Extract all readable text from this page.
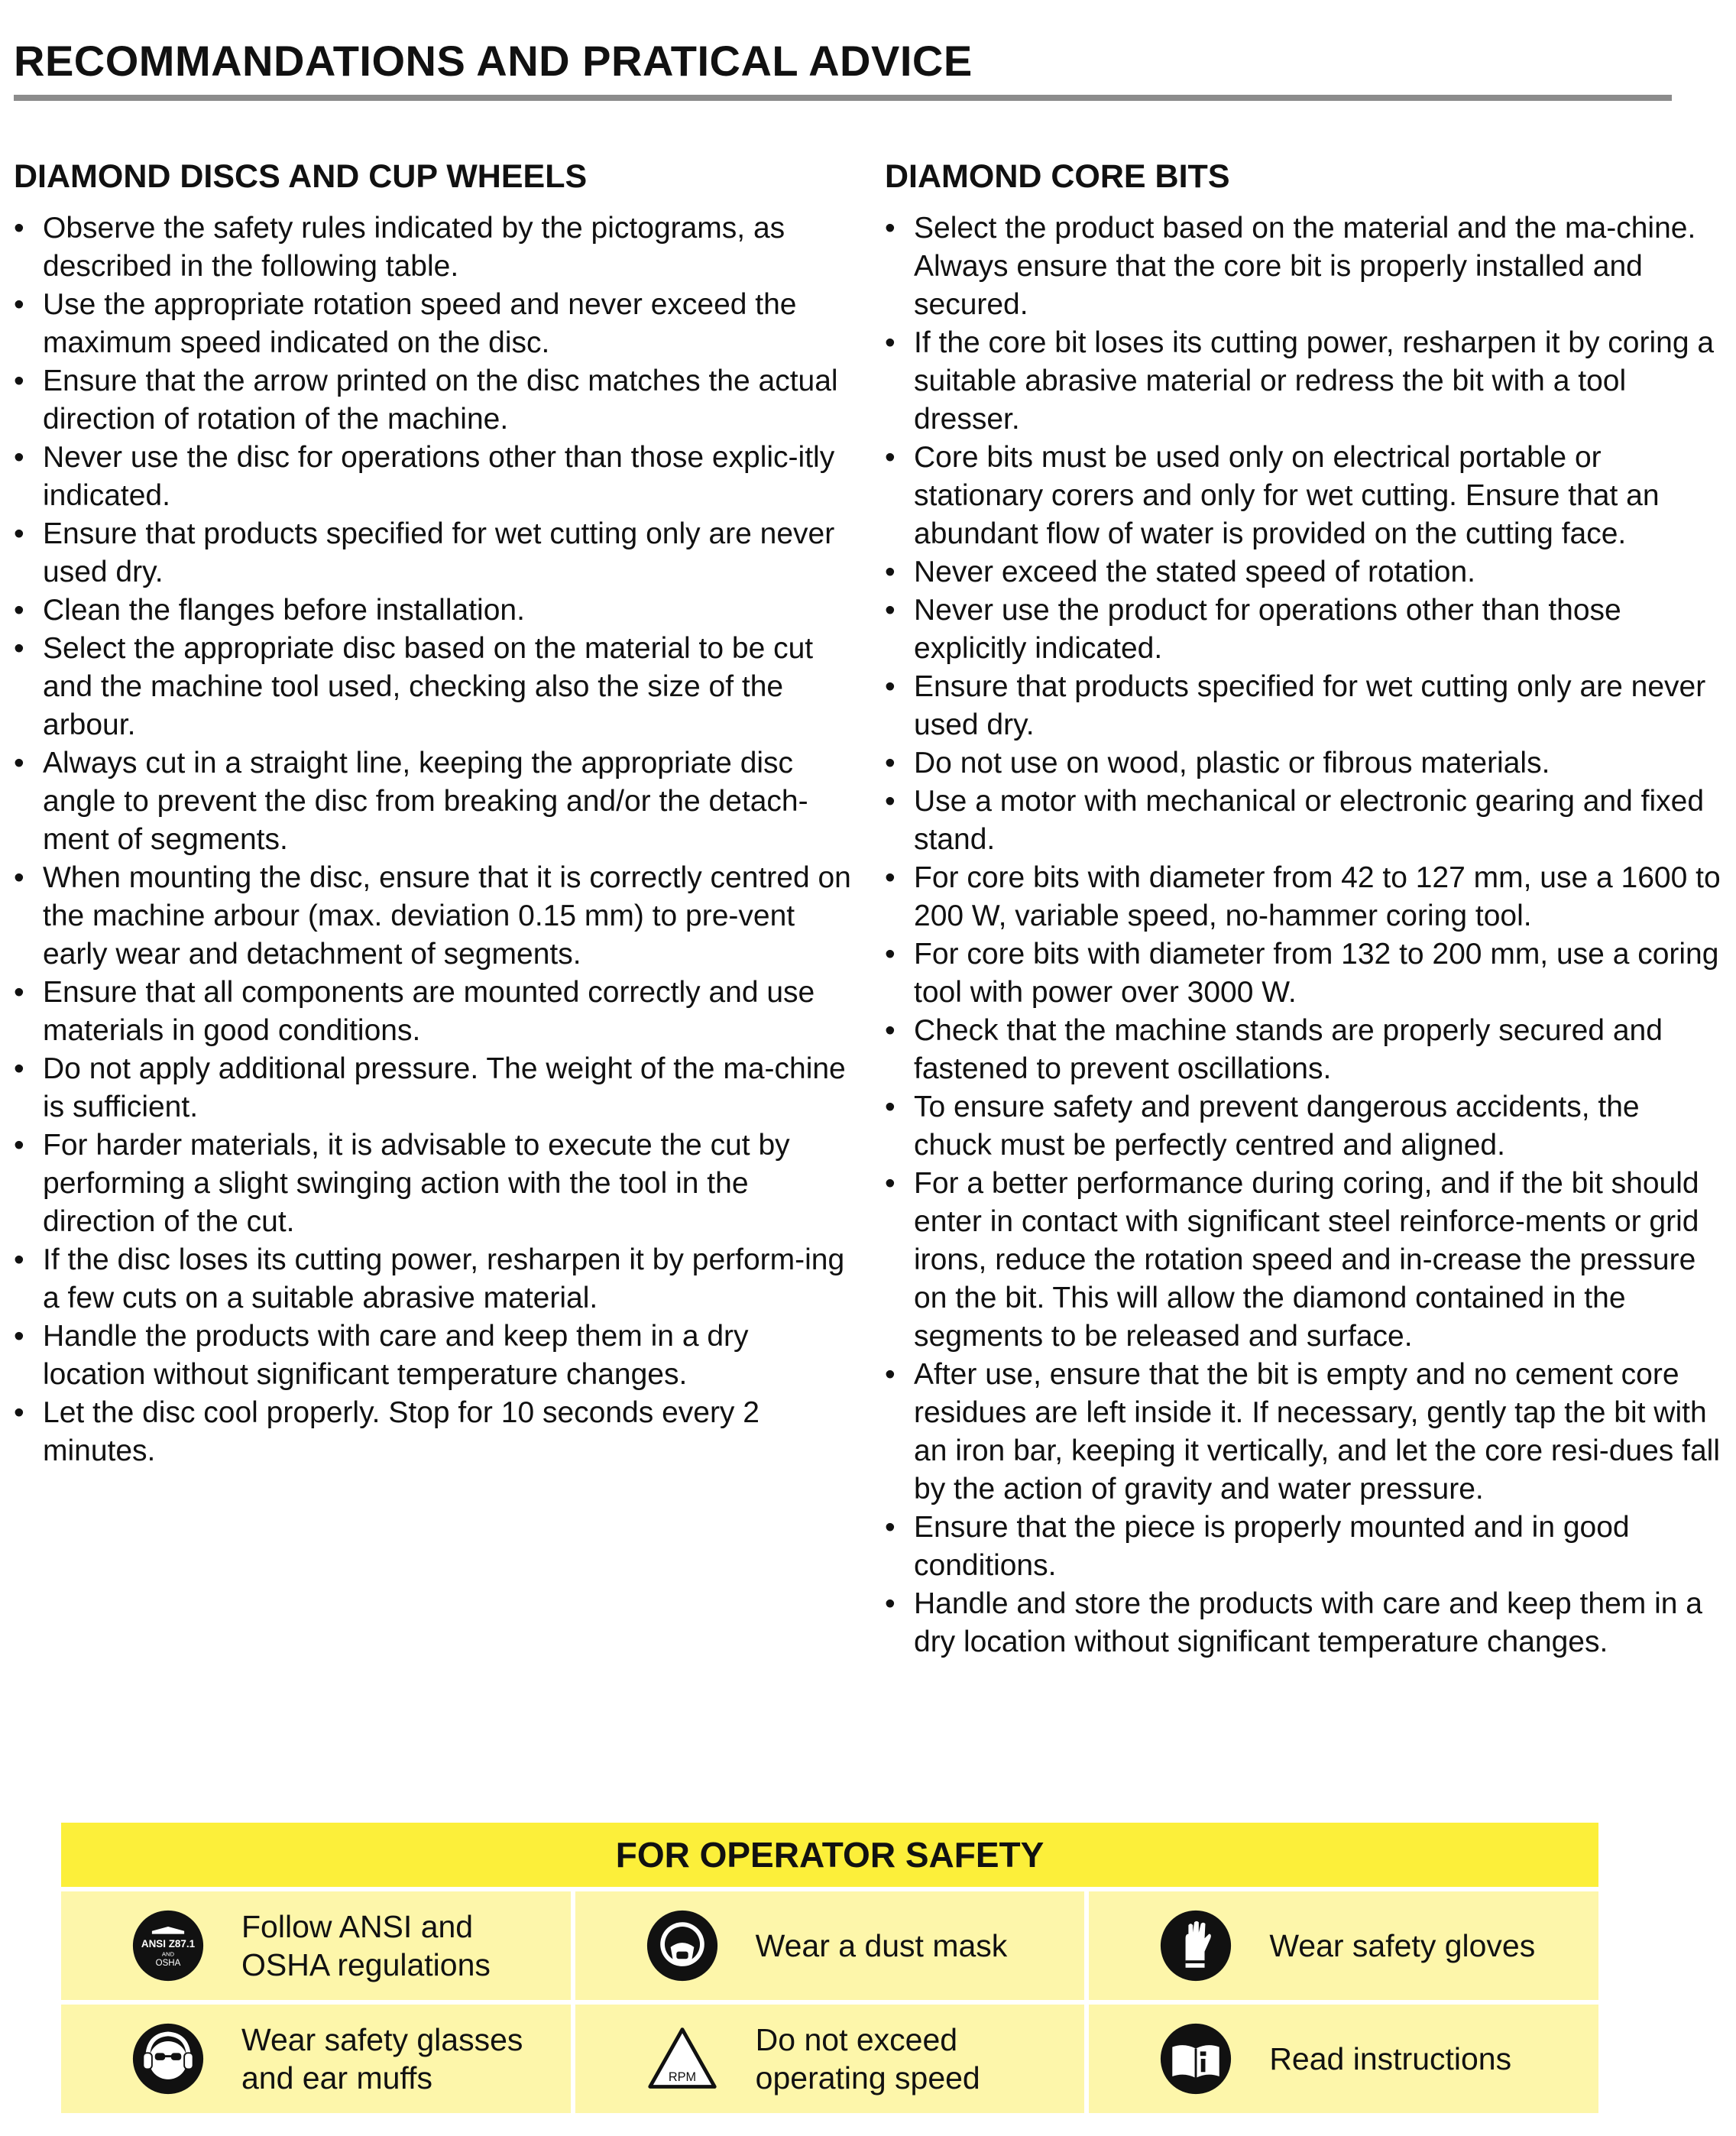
RECOMMANDATIONS AND PRATICAL ADVICE
DIAMOND DISCS AND CUP WHEELS
• Observe the safety rules indicated by the pictograms, as described in the following table.
• Use the appropriate rotation speed and never exceed the maximum speed indicated on the disc.
• Ensure that the arrow printed on the disc matches the actual direction of rotation of the machine.
• Never use the disc for operations other than those explic-itly indicated.
• Ensure that products specified for wet cutting only are never used dry.
• Clean the flanges before installation.
• Select the appropriate disc based on the material to be cut and the machine tool used, checking also the size of the arbour.
• Always cut in a straight line, keeping the appropriate disc angle to prevent the disc from breaking and/or the detach-ment of segments.
• When mounting the disc, ensure that it is correctly centred on the machine arbour (max. deviation 0.15 mm) to pre-vent early wear and detachment of segments.
• Ensure that all components are mounted correctly and use materials in good conditions.
• Do not apply additional pressure. The weight of the ma-chine is sufficient.
• For harder materials, it is advisable to execute the cut by performing a slight swinging action with the tool in the direction of the cut.
• If the disc loses its cutting power, resharpen it by perform-ing a few cuts on a suitable abrasive material.
• Handle the products with care and keep them in a dry location without significant temperature changes.
• Let the disc cool properly. Stop for 10 seconds every 2 minutes.
DIAMOND CORE BITS
• Select the product based on the material and the ma-chine. Always ensure that the core bit is properly installed and secured.
• If the core bit loses its cutting power, resharpen it by coring a suitable abrasive material or redress the bit with a tool dresser.
• Core bits must be used only on electrical portable or stationary corers and only for wet cutting. Ensure that an abundant flow of water is provided on the cutting face.
• Never exceed the stated speed of rotation.
• Never use the product for operations other than those explicitly indicated.
• Ensure that products specified for wet cutting only are never used dry.
• Do not use on wood, plastic or fibrous materials.
• Use a motor with mechanical or electronic gearing and fixed stand.
• For core bits with diameter from 42 to 127 mm, use a 1600 to 200 W, variable speed, no-hammer coring tool.
• For core bits with diameter from 132 to 200 mm, use a coring tool with power over 3000 W.
• Check that the machine stands are properly secured and fastened to prevent oscillations.
• To ensure safety and prevent dangerous accidents, the chuck must be perfectly centred and aligned.
• For a better performance during coring, and if the bit should enter in contact with significant steel reinforce-ments or grid irons, reduce the rotation speed and in-crease the pressure on the bit. This will allow the diamond contained in the segments to be released and surface.
• After use, ensure that the bit is empty and no cement core residues are left inside it. If necessary, gently tap the bit with an iron bar, keeping it vertically, and let the core resi-dues fall by the action of gravity and water pressure.
• Ensure that the piece is properly mounted and in good conditions.
• Handle and store the products with care and keep them in a dry location without significant temperature changes.
FOR OPERATOR SAFETY
ANSI Z87.1
AND
OSHA
Follow ANSI and
OSHA regulations
Wear a dust mask	Wear safety gloves
Wear safety glasses
and ear muffs	RPM
Do not exceed
operating speed
Read instructions
